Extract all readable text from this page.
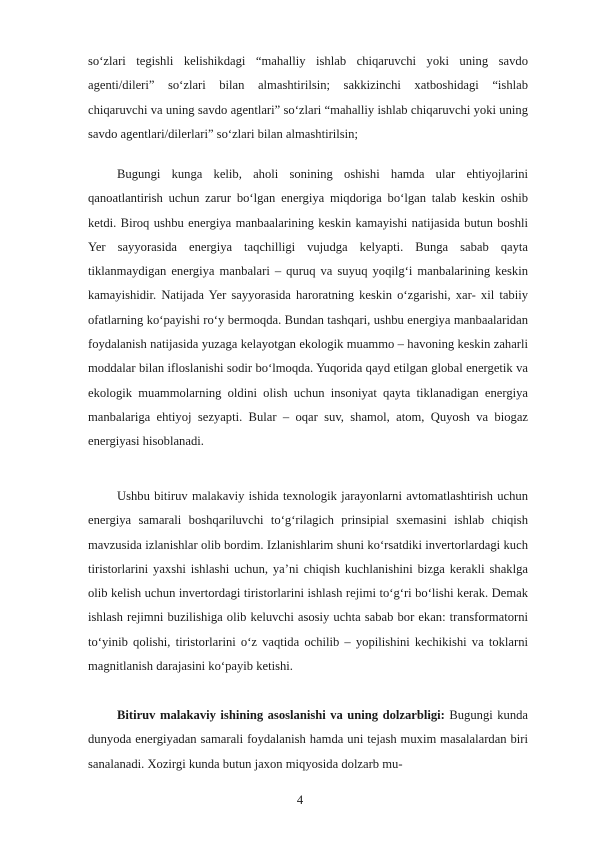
so‘zlari tegishli kelishikdagi “mahalliy ishlab chiqaruvchi yoki uning savdo agenti/dileri” so‘zlari bilan almashtirilsin; sakkizinchi xatboshidagi “ishlab chiqaruvchi va uning savdo agentlari” so‘zlari “mahalliy ishlab chiqaruvchi yoki uning savdo agentlari/dilerlari” so‘zlari bilan almashtirilsin;

Bugungi kunga kelib, aholi sonining oshishi hamda ular ehtiyojlarini qanoatlantirish uchun zarur bo‘lgan energiya miqdoriga bo‘lgan talab keskin oshib ketdi. Biroq ushbu energiya manbaalarining keskin kamayishi natijasida butun boshli Yer sayyorasida energiya taqchilligi vujudga kelyapti. Bunga sabab qayta tiklanmaydigan energiya manbalari – quruq va suyuq yoqilg‘i manbalarining keskin kamayishidir. Natijada Yer sayyorasida haroratning keskin o‘zgarishi, xar- xil tabiiy ofatlarning ko‘payishi ro‘y bermoqda. Bundan tashqari, ushbu energiya manbaalaridan foydalanish natijasida yuzaga kelayotgan ekologik muammo – havoning keskin zaharli moddalar bilan ifloslanishi sodir bo‘lmoqda. Yuqorida qayd etilgan global energetik va ekologik muammolarning oldini olish uchun insoniyat qayta tiklanadigan energiya manbalariga ehtiyoj sezyapti. Bular – oqar suv, shamol, atom, Quyosh va biogaz energiyasi hisoblanadi.

Ushbu bitiruv malakaviy ishida texnologik jarayonlarni avtomatlashtirish uchun energiya samarali boshqariluvchi to‘g‘rilagich prinsipial sxemasini ishlab chiqish mavzusida izlanishlar olib bordim. Izlanishlarim shuni ko‘rsatdiki invertorlardagi kuch tiristorlarini yaxshi ishlashi uchun, ya’ni chiqish kuchlanishini bizga kerakli shaklga olib kelish uchun invertordagi tiristorlarini ishlash rejimi to‘g‘ri bo‘lishi kerak. Demak ishlash rejimni buzilishiga olib keluvchi asosiy uchta sabab bor ekan: transformatorni to‘yinib qolishi, tiristorlarini o‘z vaqtida ochilib – yopilishini kechikishi va toklarni magnitlanish darajasini ko‘payib ketishi.

Bitiruv malakaviy ishining asoslanishi va uning dolzarbligi: Bugungi kunda dunyoda energiyadan samarali foydalanish hamda uni tejash muxim masalalardan biri sanalanadi. Xozirgi kunda butun jaxon miqyosida dolzarb mu-

4
